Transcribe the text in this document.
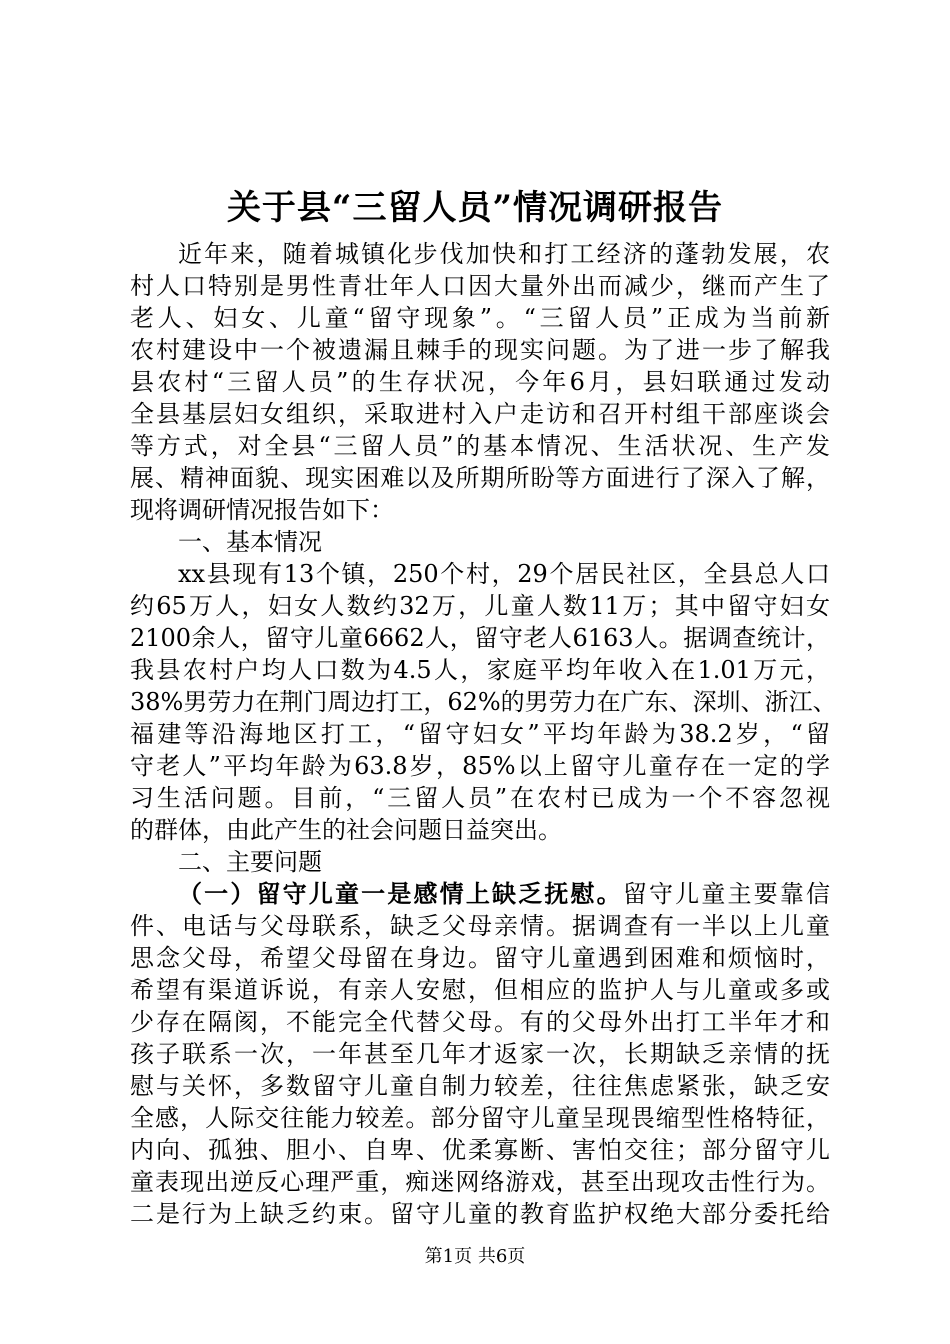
关于县“三留人员”情况调研报告
近年来，随着城镇化步伐加快和打工经济的蓬勃发展，农
村人口特别是男性青壮年人口因大量外出而减少，继而产生了
老人、妇女、儿童“留守现象”。“三留人员”正成为当前新
农村建设中一个被遗漏且棘手的现实问题。为了进一步了解我
县农村“三留人员”的生存状况，今年6月，县妇联通过发动
全县基层妇女组织，采取进村入户走访和召开村组干部座谈会
等方式，对全县“三留人员”的基本情况、生活状况、生产发
展、精神面貌、现实困难以及所期所盼等方面进行了深入了解，
现将调研情况报告如下：
一、基本情况
xx县现有13个镇，250个村，29个居民社区，全县总人口
约65万人，妇女人数约32万，儿童人数11万；其中留守妇女
2100余人，留守儿童6662人，留守老人6163人。据调查统计，
我县农村户均人口数为4.5人，家庭平均年收入在1.01万元，
38%男劳力在荆门周边打工，62%的男劳力在广东、深圳、浙江、
福建等沿海地区打工，“留守妇女”平均年龄为38.2岁，“留
守老人”平均年龄为63.8岁，85%以上留守儿童存在一定的学
习生活问题。目前，“三留人员”在农村已成为一个不容忽视
的群体，由此产生的社会问题日益突出。
二、主要问题
（一）留守儿童一是感情上缺乏抚慰。留守儿童主要靠信
件、电话与父母联系，缺乏父母亲情。据调查有一半以上儿童
思念父母，希望父母留在身边。留守儿童遇到困难和烦恼时，
希望有渠道诉说，有亲人安慰，但相应的监护人与儿童或多或
少存在隔阂，不能完全代替父母。有的父母外出打工半年才和
孩子联系一次，一年甚至几年才返家一次，长期缺乏亲情的抚
慰与关怀，多数留守儿童自制力较差，往往焦虑紧张，缺乏安
全感，人际交往能力较差。部分留守儿童呈现畏缩型性格特征，
内向、孤独、胆小、自卑、优柔寡断、害怕交往；部分留守儿
童表现出逆反心理严重，痴迷网络游戏，甚至出现攻击性行为。
二是行为上缺乏约束。留守儿童的教育监护权绝大部分委托给
第1页 共6页
